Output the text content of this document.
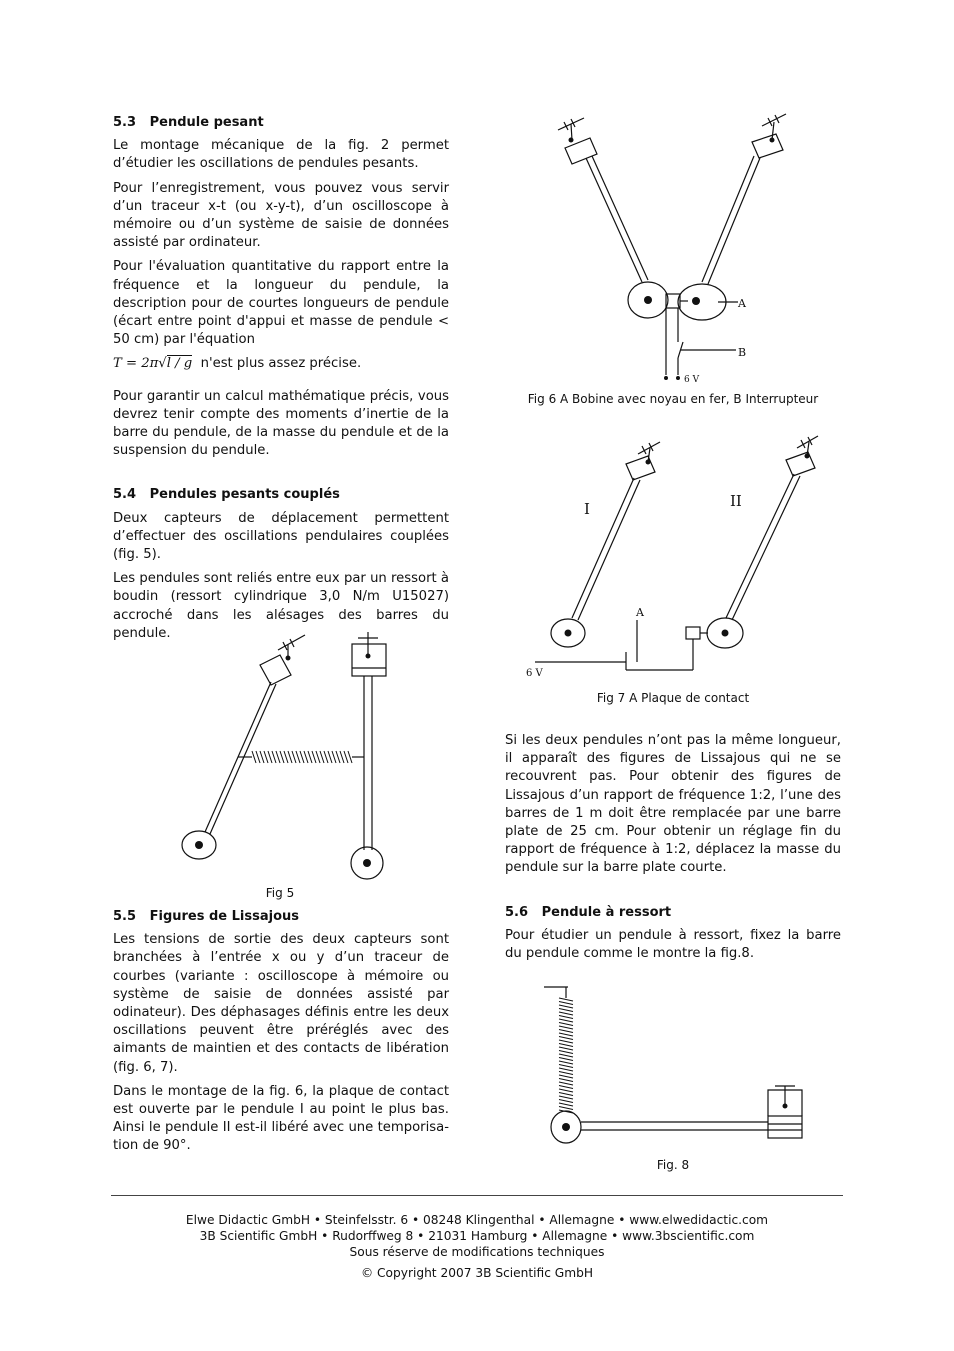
5.3   Pendule pesant

Le montage mécanique de la fig. 2 permet d’étudier les oscillations de pendules pesants.

Pour l’enregistrement, vous pouvez vous servir d’un traceur x-t (ou x-y-t), d’un oscilloscope à mémoire ou d’un système de saisie de données assisté par ordinateur.

Pour l'évaluation quantitative du rapport entre la fréquence et la longueur du pendule, la description pour de courtes longueurs de pendule (écart entre point d'appui et masse de pendule < 50 cm) par l'équation

T = 2π√l / g n'est plus assez précise.

Pour garantir un calcul mathématique précis, vous devrez tenir compte des moments d’inertie de la barre du pendule, de la masse du pendule et de la suspension du pendule.

5.4   Pendules pesants couplés

Deux capteurs de déplacement permettent d’effectuer des oscillations pendulaires couplées (fig. 5).

Les pendules sont reliés entre eux par un ressort à boudin (ressort cylindrique 3,0 N/m U15027) accroché dans les alésages des barres du pendule.

Fig 5
5.5   Figures de Lissajous

Les tensions de sortie des deux capteurs sont branchées à l’entrée x ou y d’un traceur de courbes (variante : oscilloscope à mémoire ou système de saisie de données assisté par odinateur). Des déphasages définis entre les deux oscillations peuvent être préréglés avec des aimants de maintien et des contacts de libération (fig. 6, 7).

Dans le montage de la fig. 6, la plaque de contact est ouverte par le pendule I au point le plus bas. Ainsi le pendule II est-il libéré avec une temporisation de 90°.

A
B
6 V
Fig 6 A Bobine avec noyau en fer, B Interrupteur
I	II
A
6 V
Fig 7 A Plaque de contact

Si les deux pendules n’ont pas la même longueur, il apparaît des figures de Lissajous qui ne se recouvrent pas. Pour obtenir des figures de Lissajous d’un rapport de fréquence 1:2, l’une des barres de 1 m doit être remplacée par une barre plate de 25 cm. Pour obtenir un réglage fin du rapport de fréquence à 1:2, déplacez la masse du pendule sur la barre plate courte.

5.6   Pendule à ressort

Pour étudier un pendule à ressort, fixez la barre du pendule comme le montre la fig.8.

Fig. 8
Elwe Didactic GmbH • Steinfelsstr. 6 • 08248 Klingenthal • Allemagne • www.elwedidactic.com
3B Scientific GmbH • Rudorffweg 8 • 21031 Hamburg • Allemagne • www.3bscientific.com
Sous réserve de modifications techniques
© Copyright 2007 3B Scientific GmbH
